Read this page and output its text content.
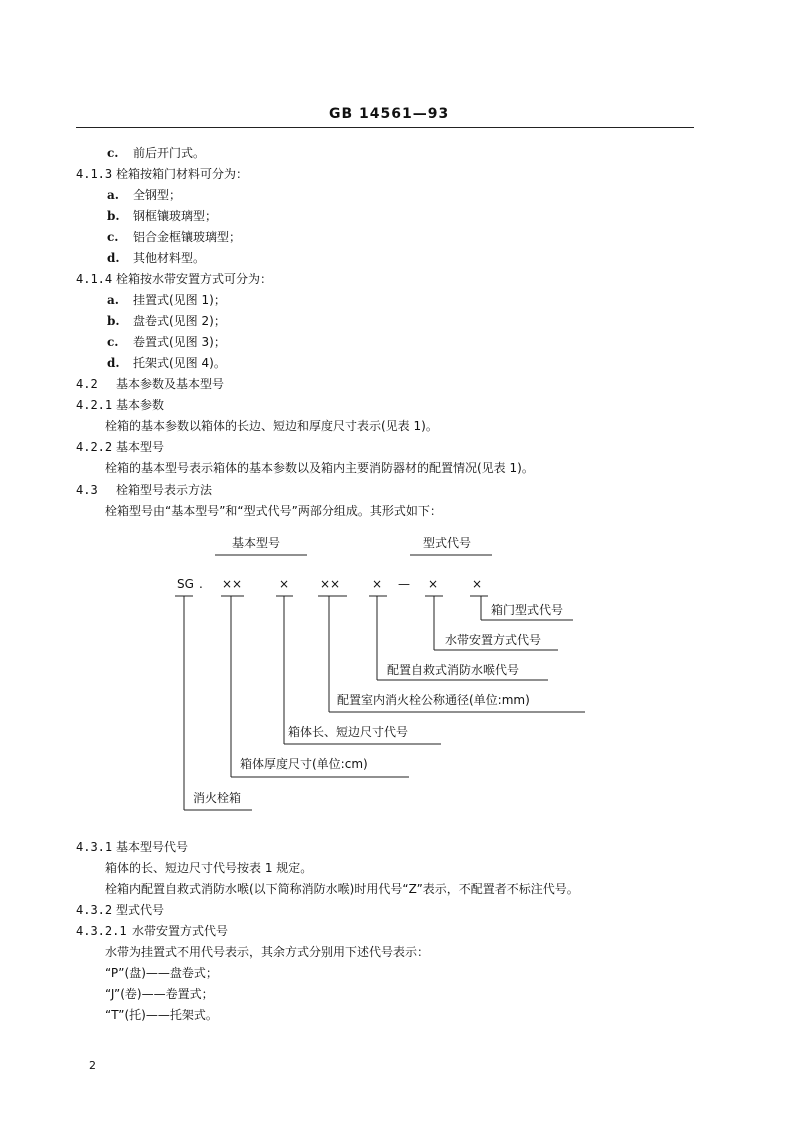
GB 14561—93
c. 前后开门式。
4.1.3 栓箱按箱门材料可分为：
a. 全钢型；
b. 钢框镶玻璃型；
c. 铝合金框镶玻璃型；
d. 其他材料型。
4.1.4 栓箱按水带安置方式可分为：
a. 挂置式(见图 1)；
b. 盘卷式(见图 2)；
c. 卷置式(见图 3)；
d. 托架式(见图 4)。
4.2 基本参数及基本型号
4.2.1 基本参数
栓箱的基本参数以箱体的长边、短边和厚度尺寸表示(见表 1)。
4.2.2 基本型号
栓箱的基本型号表示箱体的基本参数以及箱内主要消防器材的配置情况(见表 1)。
4.3 栓箱型号表示方法
栓箱型号由“基本型号”和“型式代号”两部分组成。其形式如下：
基本型号	型式代号
SG . ××	×	××	× — ×	×
箱门型式代号
水带安置方式代号
配置自救式消防水喉代号
配置室内消火栓公称通径(单位:mm)
箱体长、短边尺寸代号
箱体厚度尺寸(单位:cm)
消火栓箱
4.3.1 基本型号代号
箱体的长、短边尺寸代号按表 1 规定。
栓箱内配置自救式消防水喉(以下简称消防水喉)时用代号“Z”表示，不配置者不标注代号。
4.3.2 型式代号
4.3.2.1 水带安置方式代号
水带为挂置式不用代号表示，其余方式分别用下述代号表示：
“P”(盘)——盘卷式；
“J”(卷)——卷置式；
“T”(托)——托架式。
2
